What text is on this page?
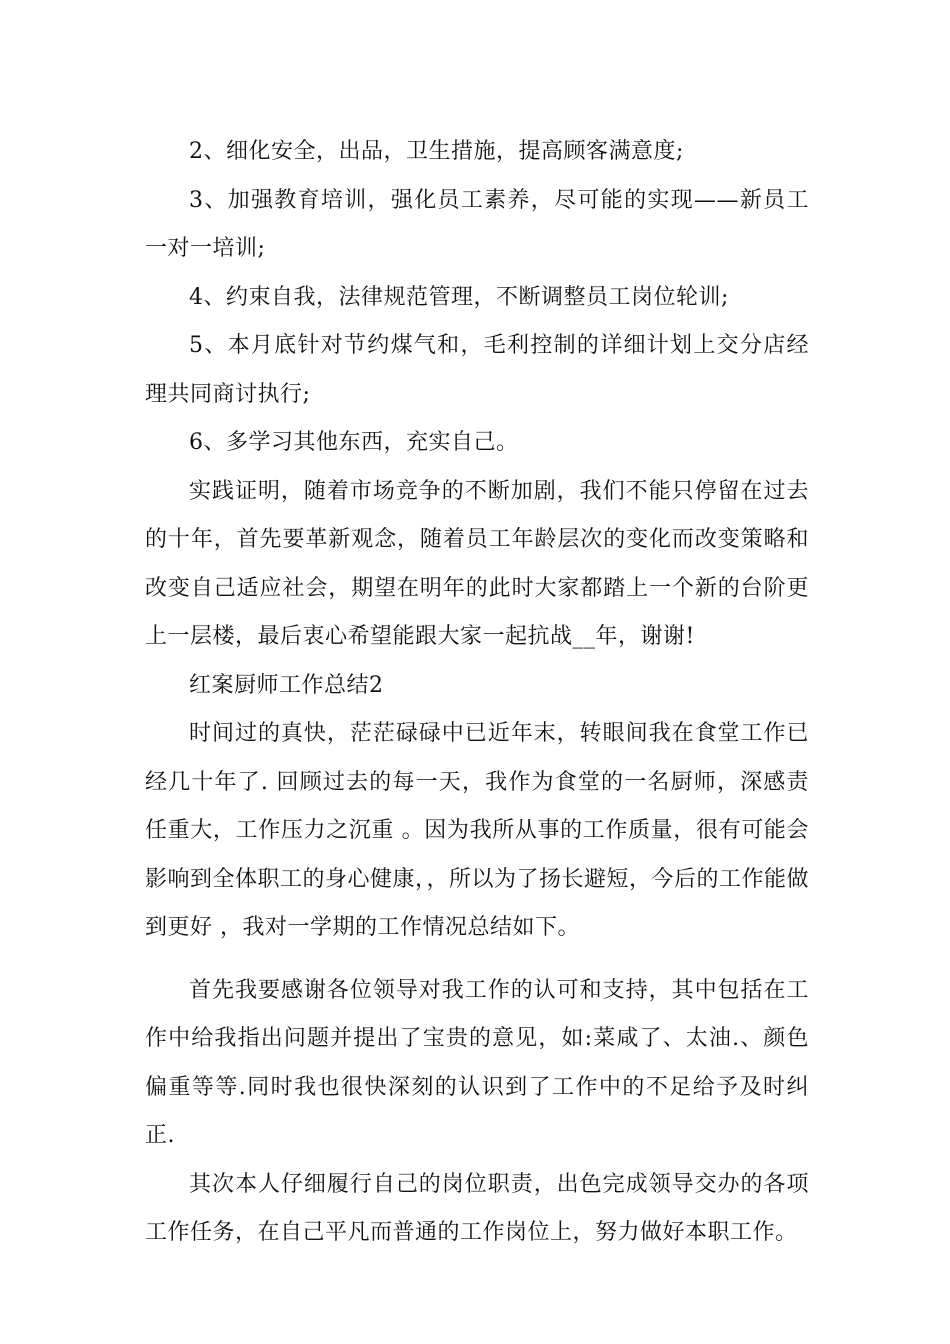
2、细化安全，出品，卫生措施，提高顾客满意度;

3、加强教育培训，强化员工素养，尽可能的实现——新员工一对一培训;

4、约束自我，法律规范管理，不断调整员工岗位轮训;

5、本月底针对节约煤气和，毛利控制的详细计划上交分店经理共同商讨执行;

6、多学习其他东西，充实自己。

实践证明，随着市场竞争的不断加剧，我们不能只停留在过去的十年，首先要革新观念，随着员工年龄层次的变化而改变策略和改变自己适应社会，期望在明年的此时大家都踏上一个新的台阶更上一层楼，最后衷心希望能跟大家一起抗战__年，谢谢!

红案厨师工作总结2

时间过的真快，茫茫碌碌中已近年末，转眼间我在食堂工作已经几十年了. 回顾过去的每一天，我作为食堂的一名厨师，深感责任重大，工作压力之沉重 。因为我所从事的工作质量，很有可能会影响到全体职工的身心健康，，所以为了扬长避短，今后的工作能做到更好 ，我对一学期的工作情况总结如下。

首先我要感谢各位领导对我工作的认可和支持，其中包括在工作中给我指出问题并提出了宝贵的意见，如:菜咸了、太油.、颜色偏重等等.同时我也很快深刻的认识到了工作中的不足给予及时纠正.

其次本人仔细履行自己的岗位职责，出色完成领导交办的各项工作任务，在自己平凡而普通的工作岗位上，努力做好本职工作。
